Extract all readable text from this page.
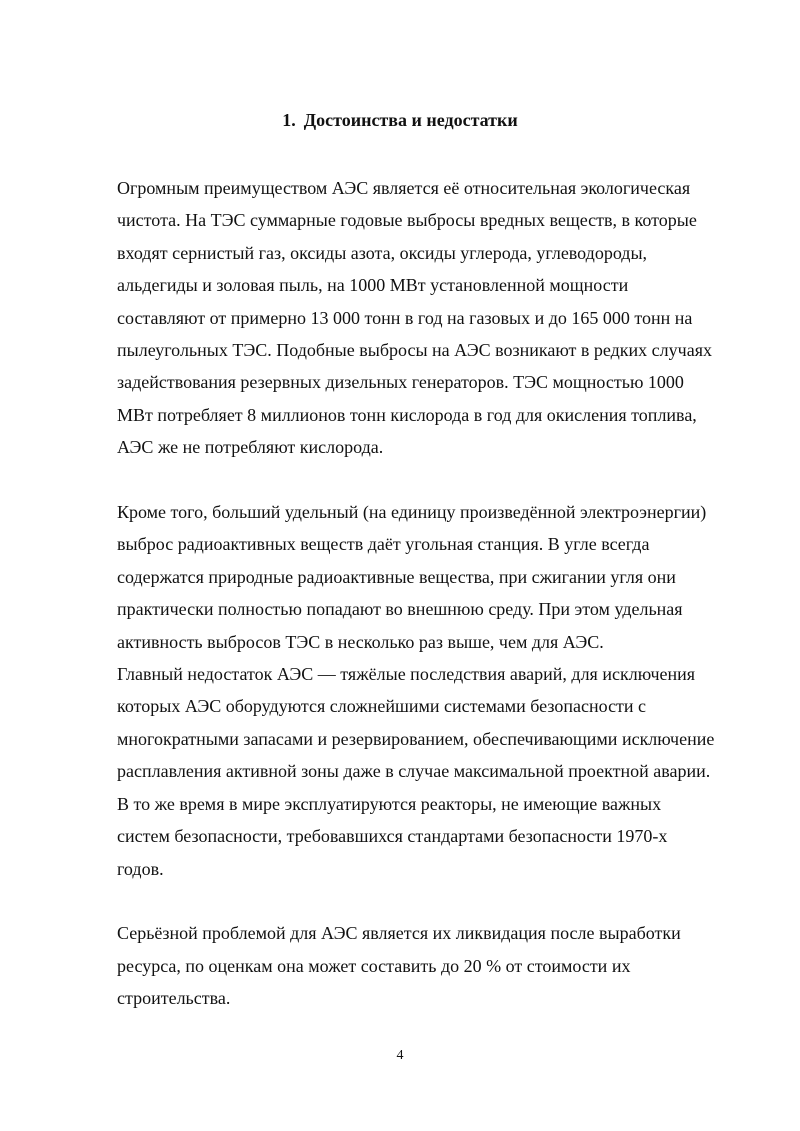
1. Достоинства и недостатки

Огромным преимуществом АЭС является её относительная экологическая
чистота. На ТЭС суммарные годовые выбросы вредных веществ, в которые
входят сернистый газ, оксиды азота, оксиды углерода, углеводороды,
альдегиды и золовая пыль, на 1000 МВт установленной мощности
составляют от примерно 13 000 тонн в год на газовых и до 165 000 тонн на
пылеугольных ТЭС. Подобные выбросы на АЭС возникают в редких случаях
задействования резервных дизельных генераторов. ТЭС мощностью 1000
МВт потребляет 8 миллионов тонн кислорода в год для окисления топлива,
АЭС же не потребляют кислорода.

Кроме того, больший удельный (на единицу произведённой электроэнергии)
выброс радиоактивных веществ даёт угольная станция. В угле всегда
содержатся природные радиоактивные вещества, при сжигании угля они
практически полностью попадают во внешнюю среду. При этом удельная
активность выбросов ТЭС в несколько раз выше, чем для АЭС.

Главный недостаток АЭС — тяжёлые последствия аварий, для исключения
которых АЭС оборудуются сложнейшими системами безопасности с
многократными запасами и резервированием, обеспечивающими исключение
расплавления активной зоны даже в случае максимальной проектной аварии.
В то же время в мире эксплуатируются реакторы, не имеющие важных
систем безопасности, требовавшихся стандартами безопасности 1970-х
годов.

Серьёзной проблемой для АЭС является их ликвидация после выработки
ресурса, по оценкам она может составить до 20 % от стоимости их
строительства.

4
